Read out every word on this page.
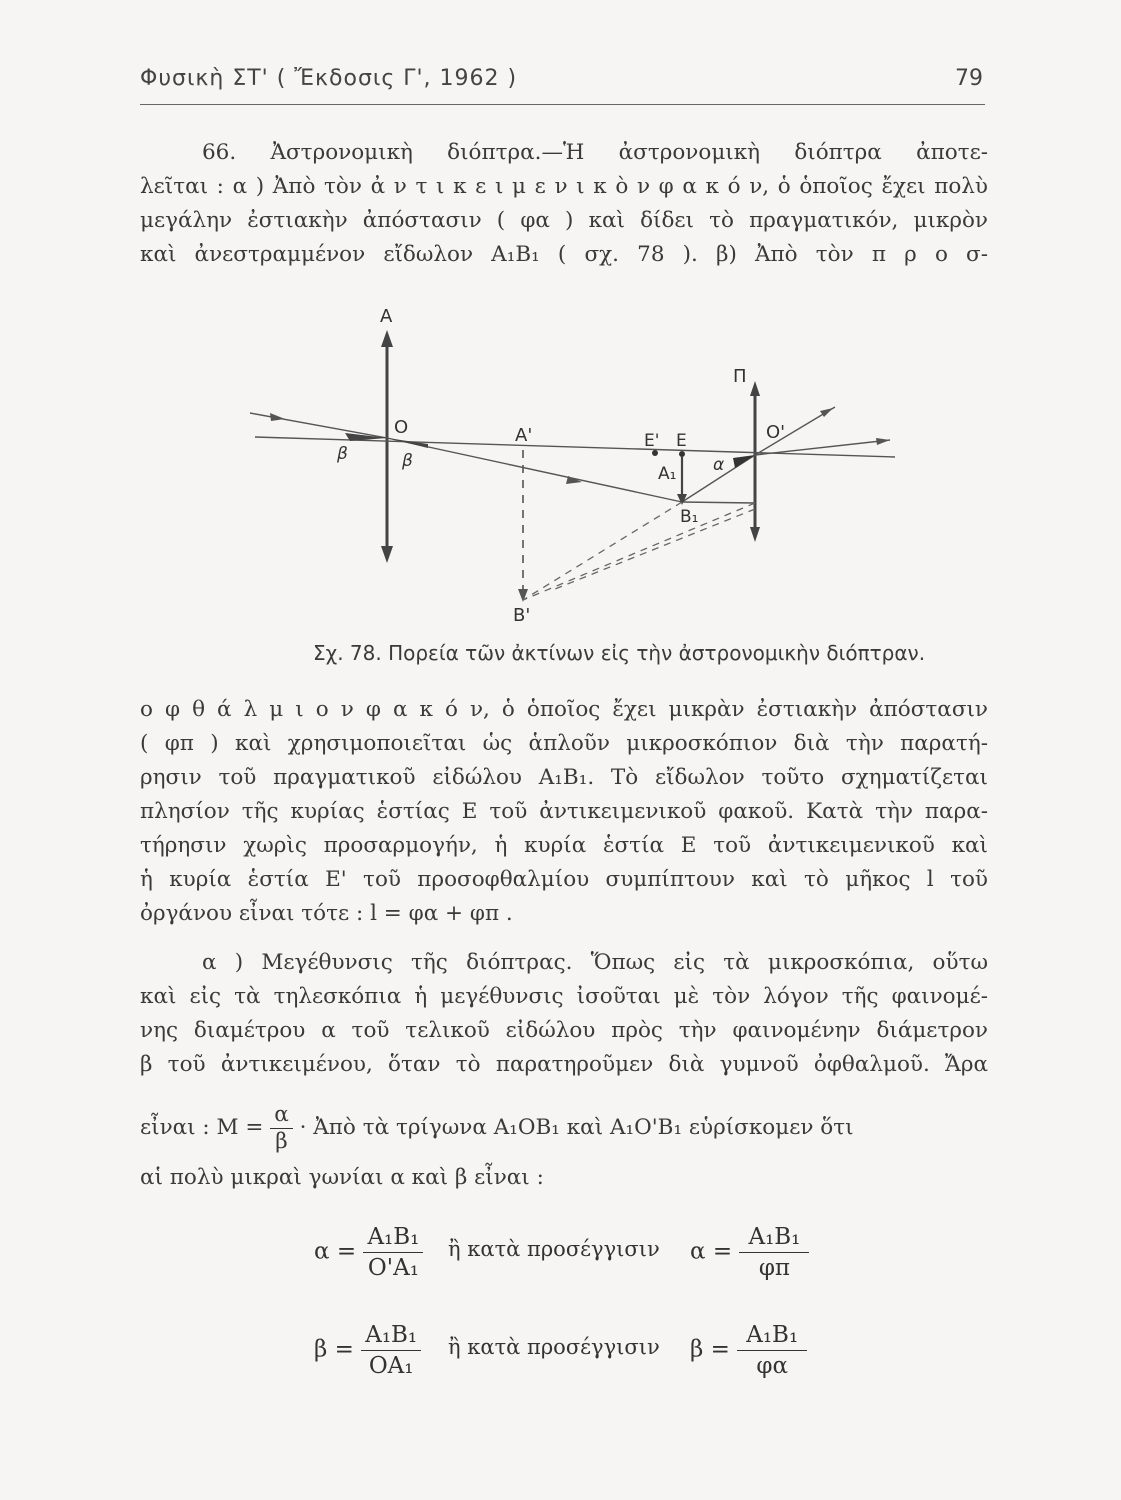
Φυσικὴ ΣΤ' ( Ἔκδοσις Γ', 1962 )	79
66. Ἀστρονομικὴ διόπτρα.—Ἡ ἀστρονομικὴ διόπτρα ἀποτε-
λεῖται : α ) Ἀπὸ τὸν ἀ ν τ ι κ ε ι μ ε ν ι κ ὸ ν φ α κ ό ν, ὁ ὁποῖος ἔχει πολὺ
μεγάλην ἐστιακὴν ἀπόστασιν ( φα ) καὶ δίδει τὸ πραγματικόν, μικρὸν
καὶ ἀνεστραμμένον εἴδωλον A₁B₁ ( σχ. 78 ). β) Ἀπὸ τὸν π ρ ο σ-
Α
Π
Ο	Ο'
Α'	Ε' Ε
Α₁
Β₁
Β'
β	β	α
Σχ. 78. Πορεία τῶν ἀκτίνων εἰς τὴν ἀστρονομικὴν διόπτραν.
ο φ θ ά λ μ ι ο ν φ α κ ό ν, ὁ ὁποῖος ἔχει μικρὰν ἐστιακὴν ἀπόστασιν
( φπ ) καὶ χρησιμοποιεῖται ὡς ἁπλοῦν μικροσκόπιον διὰ τὴν παρατή-
ρησιν τοῦ πραγματικοῦ εἰδώλου A₁B₁. Τὸ εἴδωλον τοῦτο σχηματίζεται
πλησίον τῆς κυρίας ἑστίας Ε τοῦ ἀντικειμενικοῦ φακοῦ. Κατὰ τὴν παρα-
τήρησιν χωρὶς προσαρμογήν, ἡ κυρία ἑστία Ε τοῦ ἀντικειμενικοῦ καὶ
ἡ κυρία ἑστία Ε' τοῦ προσοφθαλμίου συμπίπτουν καὶ τὸ μῆκος l τοῦ
ὀργάνου εἶναι τότε : l = φα + φπ .
α ) Μεγέθυνσις τῆς διόπτρας. Ὅπως εἰς τὰ μικροσκόπια, οὕτω
καὶ εἰς τὰ τηλεσκόπια ἡ μεγέθυνσις ἰσοῦται μὲ τὸν λόγον τῆς φαινομέ-
νης διαμέτρου α τοῦ τελικοῦ εἰδώλου πρὸς τὴν φαινομένην διάμετρον
β τοῦ ἀντικειμένου, ὅταν τὸ παρατηροῦμεν διὰ γυμνοῦ ὀφθαλμοῦ. Ἄρα
εἶναι : $M = \frac{\alpha}{\beta}$ · Ἀπὸ τὰ τρίγωνα A₁OB₁ καὶ A₁O'B₁ εὑρίσκομεν ὅτι
αἱ πολὺ μικραὶ γωνίαι α καὶ β εἶναι :
$\alpha = \frac{\text{A₁B₁}}{\text{O'A₁}}$ ἢ κατὰ προσέγγισιν $\alpha = \frac{\text{A₁B₁}}{\varphi\pi}$
$\beta = \frac{\text{A₁B₁}}{\text{OA₁}}$ ἢ κατὰ προσέγγισιν $\beta = \frac{\text{A₁B₁}}{\varphi\alpha}$
